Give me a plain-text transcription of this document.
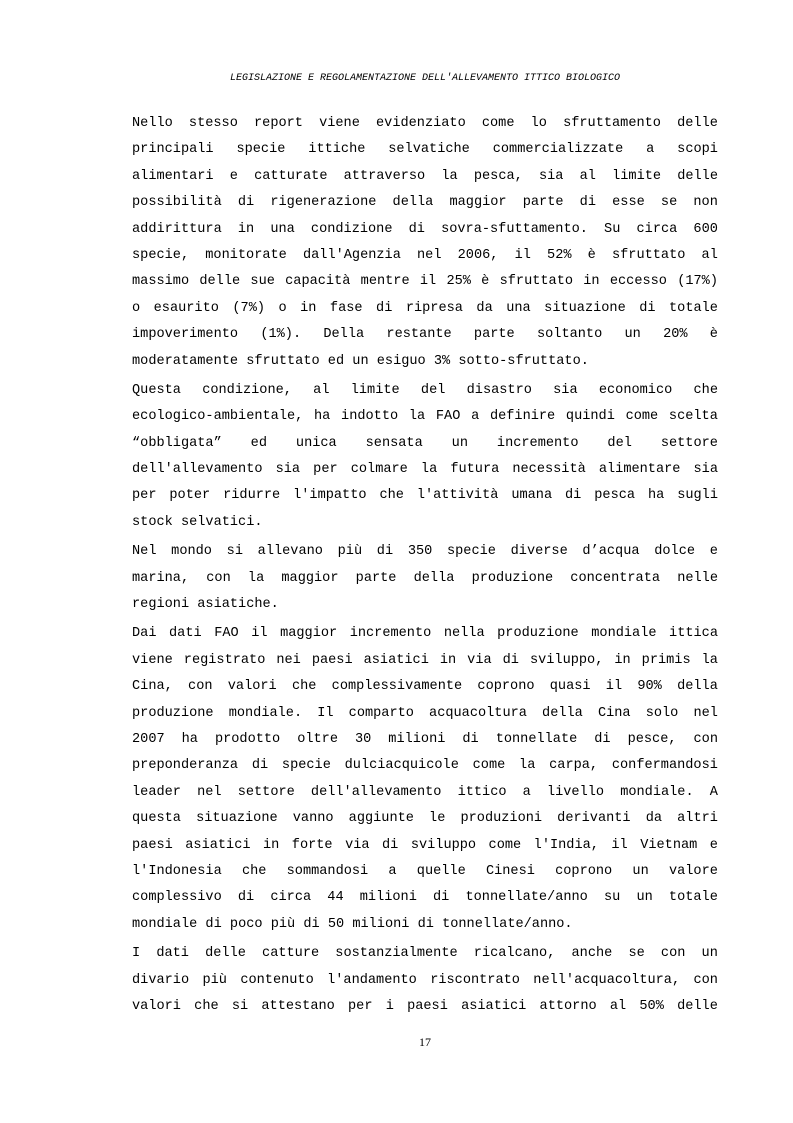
LEGISLAZIONE E REGOLAMENTAZIONE DELL'ALLEVAMENTO ITTICO BIOLOGICO
Nello stesso report viene evidenziato come lo sfruttamento delle
principali specie ittiche selvatiche commercializzate a scopi
alimentari e catturate attraverso la pesca, sia al limite delle
possibilità di rigenerazione della maggior parte di esse se non
addirittura in una condizione di sovra-sfuttamento. Su circa 600
specie, monitorate dall'Agenzia nel 2006, il 52% è sfruttato al
massimo delle sue capacità mentre il 25% è sfruttato in eccesso (17%)
o esaurito (7%) o in fase di ripresa da una situazione di totale
impoverimento (1%). Della restante parte soltanto un 20% è
moderatamente sfruttato ed un esiguo 3% sotto-sfruttato.
Questa condizione, al limite del disastro sia economico che
ecologico-ambientale, ha indotto la FAO a definire quindi come scelta
“obbligata” ed unica sensata un incremento del settore
dell'allevamento sia per colmare la futura necessità alimentare sia
per poter ridurre l'impatto che l'attività umana di pesca ha sugli
stock selvatici.
Nel mondo si allevano più di 350 specie diverse d’acqua dolce e
marina, con la maggior parte della produzione concentrata nelle
regioni asiatiche.
Dai dati FAO il maggior incremento nella produzione mondiale ittica
viene registrato nei paesi asiatici in via di sviluppo, in primis la
Cina, con valori che complessivamente coprono quasi il 90% della
produzione mondiale. Il comparto acquacoltura della Cina solo nel
2007 ha prodotto oltre 30 milioni di tonnellate di pesce, con
preponderanza di specie dulciacquicole come la carpa, confermandosi
leader nel settore dell'allevamento ittico a livello mondiale. A
questa situazione vanno aggiunte le produzioni derivanti da altri
paesi asiatici in forte via di sviluppo come l'India, il Vietnam e
l'Indonesia che sommandosi a quelle Cinesi coprono un valore
complessivo di circa 44 milioni di tonnellate/anno su un totale
mondiale di poco più di 50 milioni di tonnellate/anno.
I dati delle catture sostanzialmente ricalcano, anche se con un
divario più contenuto l'andamento riscontrato nell'acquacoltura, con
valori che si attestano per i paesi asiatici attorno al 50% delle
17
